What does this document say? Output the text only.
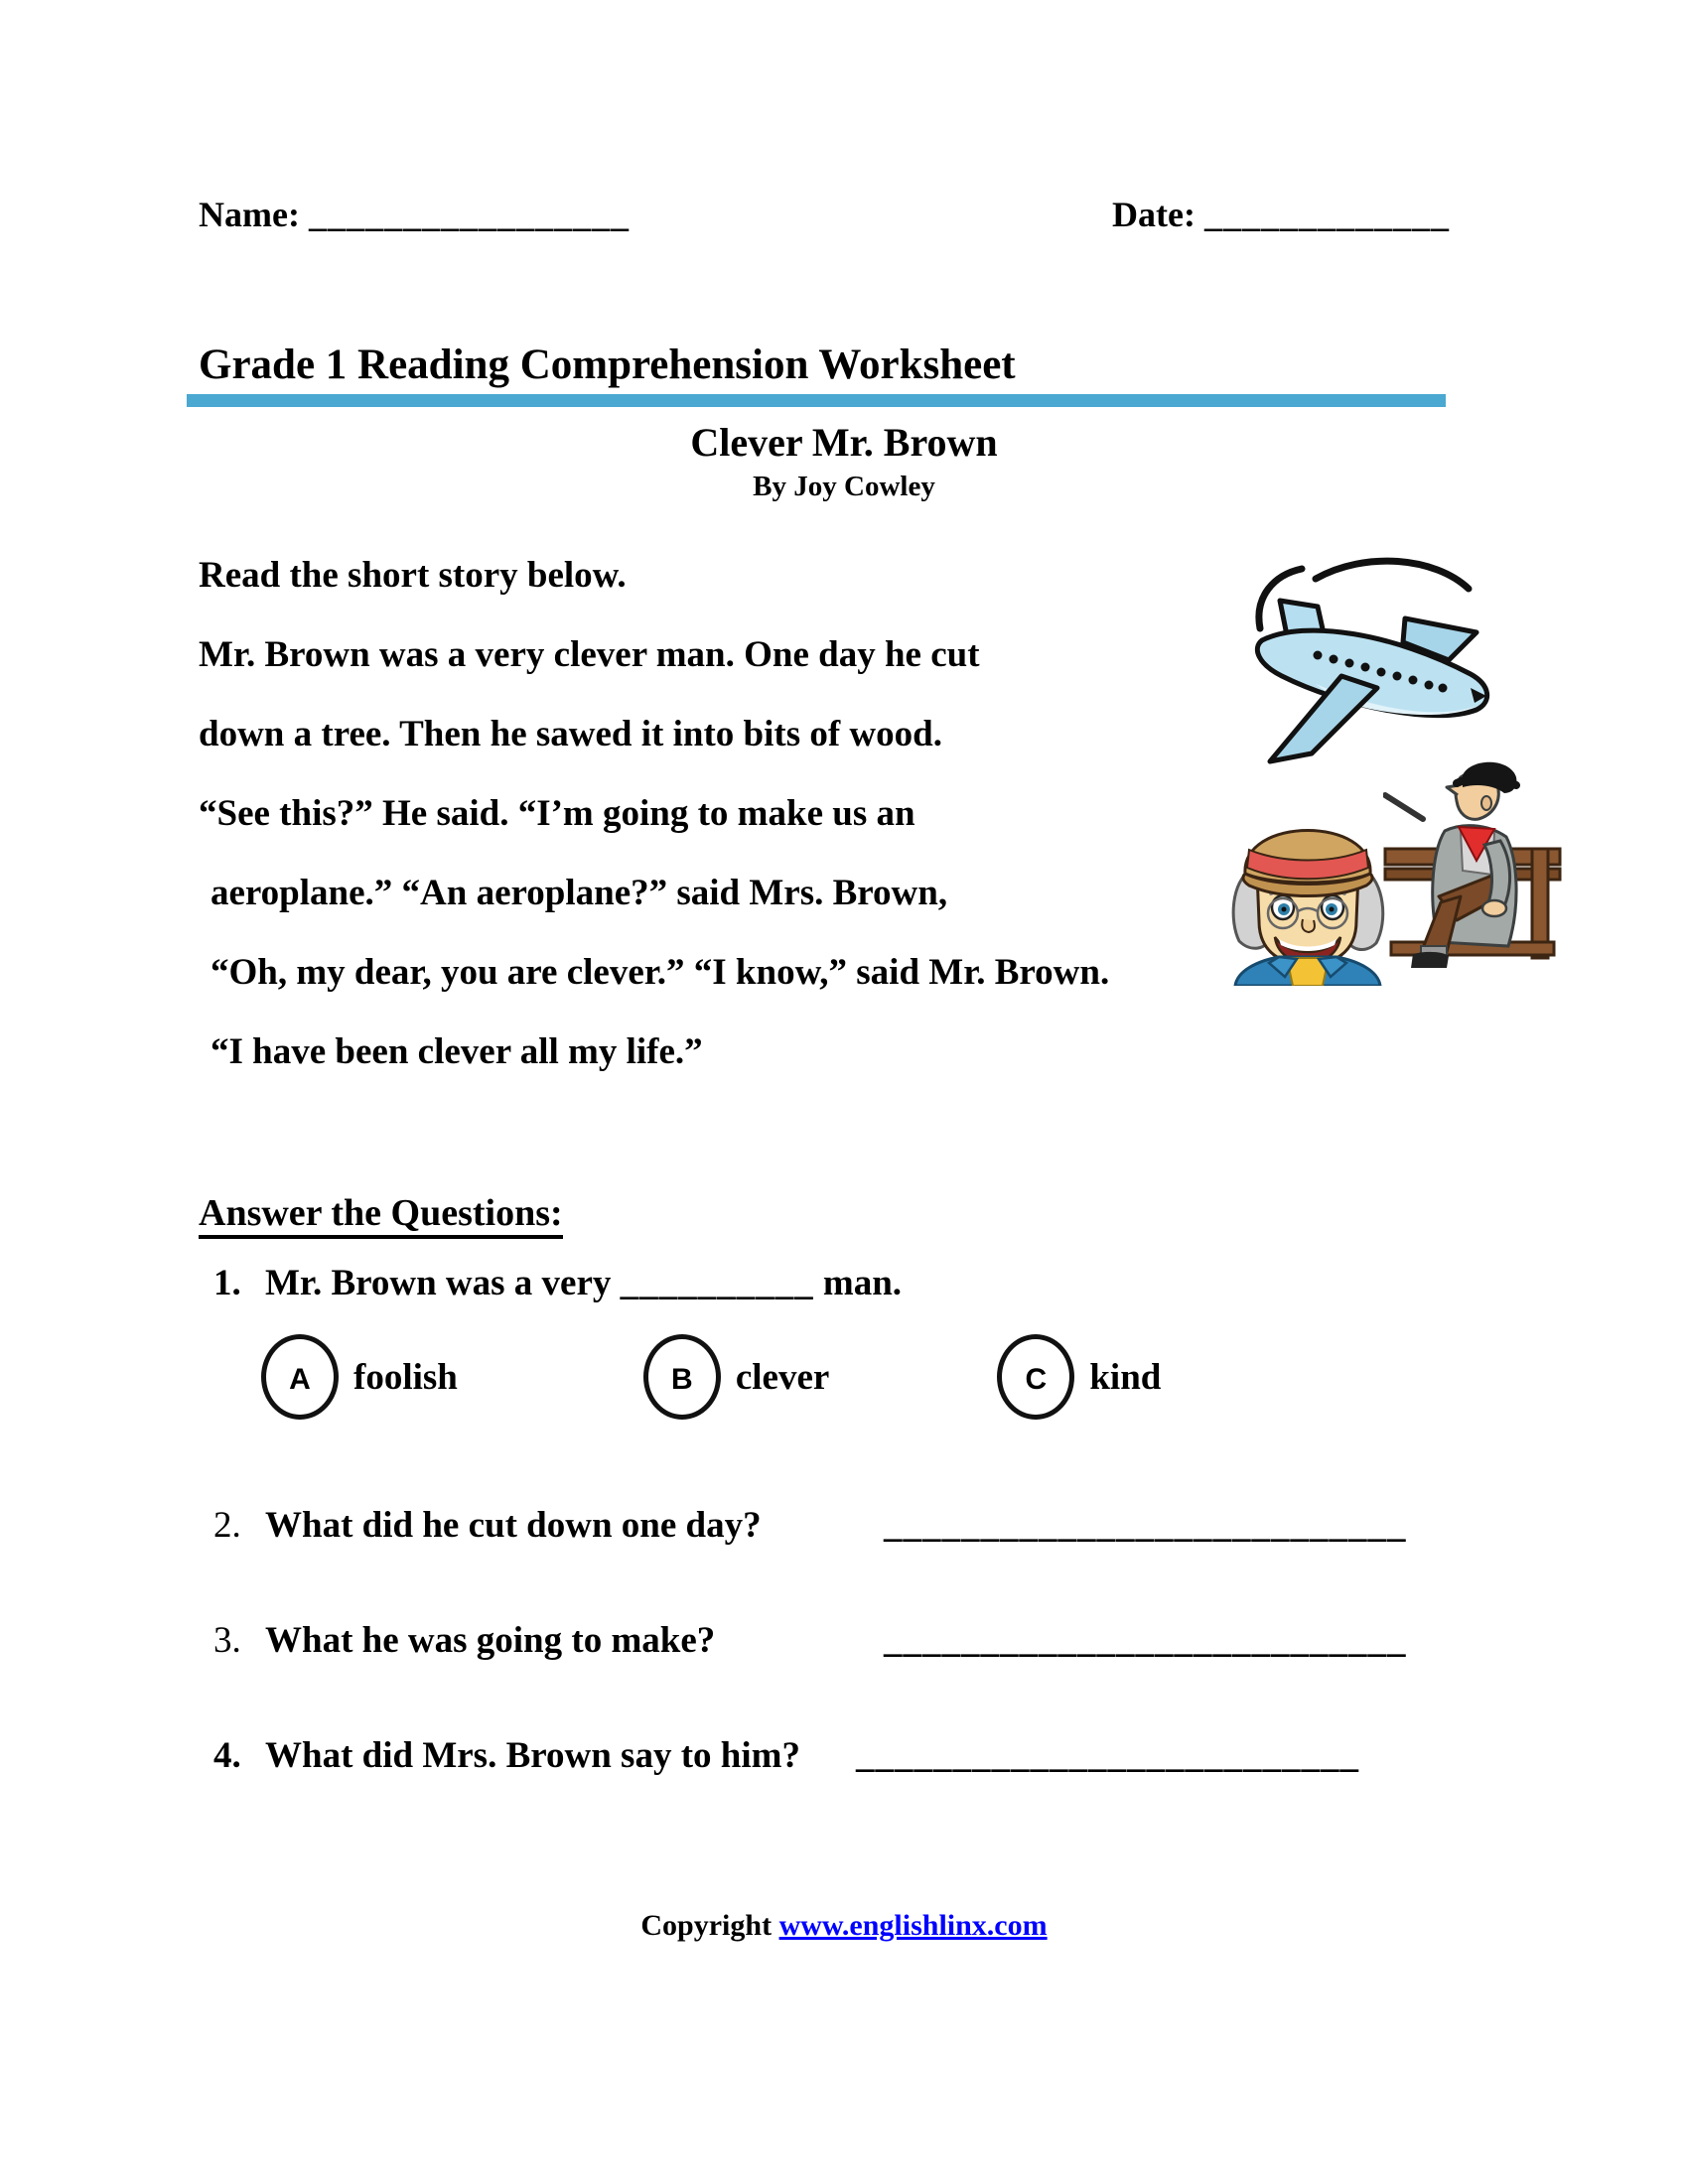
Name: _________________	Date: _____________
Grade 1 Reading Comprehension Worksheet
Clever Mr. Brown
By Joy Cowley
Read the short story below.
Mr. Brown was a very clever man. One day he cut
down a tree. Then he sawed it into bits of wood.
“See this?” He said. “I’m going to make us an
aeroplane.” “An aeroplane?” said Mrs. Brown,
“Oh, my dear, you are clever.” “I know,” said Mr. Brown.
“I have been clever all my life.”
Answer the Questions:
1. Mr. Brown was a very __________ man.
A foolish	B clever	C kind
2. What did he cut down one day?	___________________________
3. What he was going to make?	___________________________
4. What did Mrs. Brown say to him? __________________________
Copyright www.englishlinx.com
